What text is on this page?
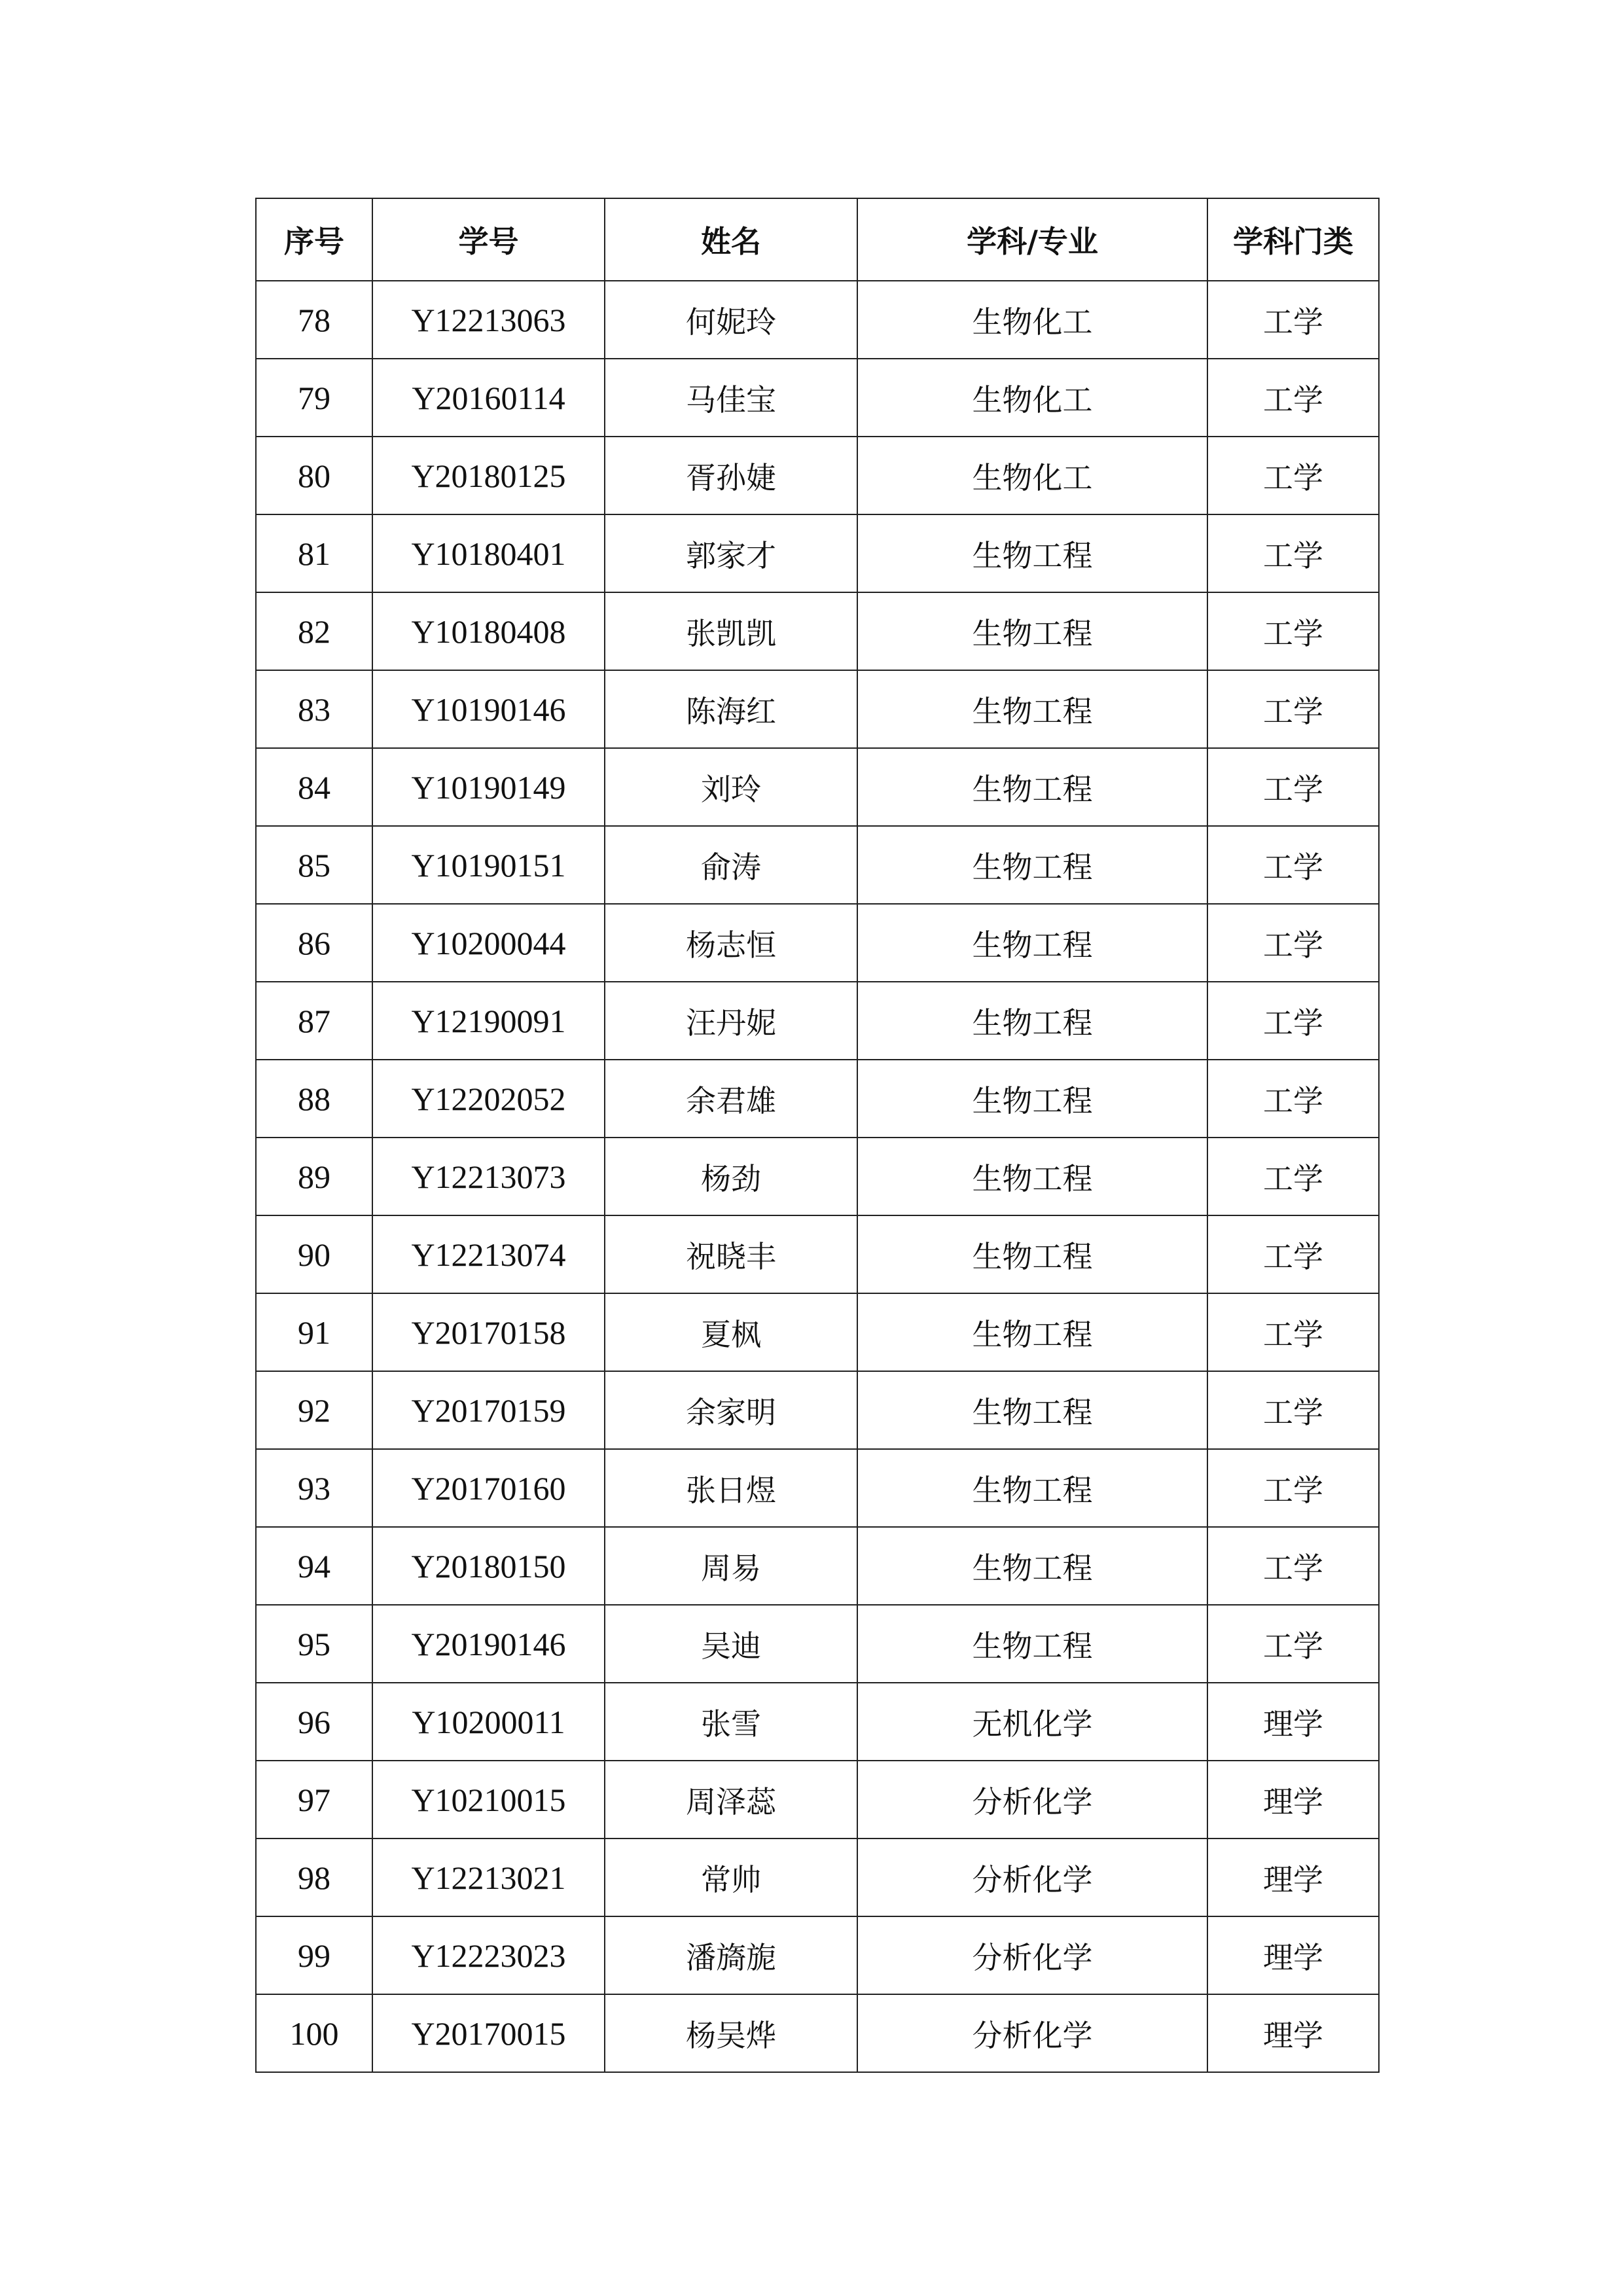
序号	学号	姓名	学科/专业	学科门类
78	Y12213063	何妮玲	生物化工	工学
79	Y20160114	马佳宝	生物化工	工学
80	Y20180125	胥孙婕	生物化工	工学
81	Y10180401	郭家才	生物工程	工学
82	Y10180408	张凯凯	生物工程	工学
83	Y10190146	陈海红	生物工程	工学
84	Y10190149	刘玲	生物工程	工学
85	Y10190151	俞涛	生物工程	工学
86	Y10200044	杨志恒	生物工程	工学
87	Y12190091	汪丹妮	生物工程	工学
88	Y12202052	余君雄	生物工程	工学
89	Y12213073	杨劲	生物工程	工学
90	Y12213074	祝晓丰	生物工程	工学
91	Y20170158	夏枫	生物工程	工学
92	Y20170159	余家明	生物工程	工学
93	Y20170160	张日煜	生物工程	工学
94	Y20180150	周易	生物工程	工学
95	Y20190146	吴迪	生物工程	工学
96	Y10200011	张雪	无机化学	理学
97	Y10210015	周泽蕊	分析化学	理学
98	Y12213021	常帅	分析化学	理学
99	Y12223023	潘旖旎	分析化学	理学
100	Y20170015	杨吴烨	分析化学	理学
